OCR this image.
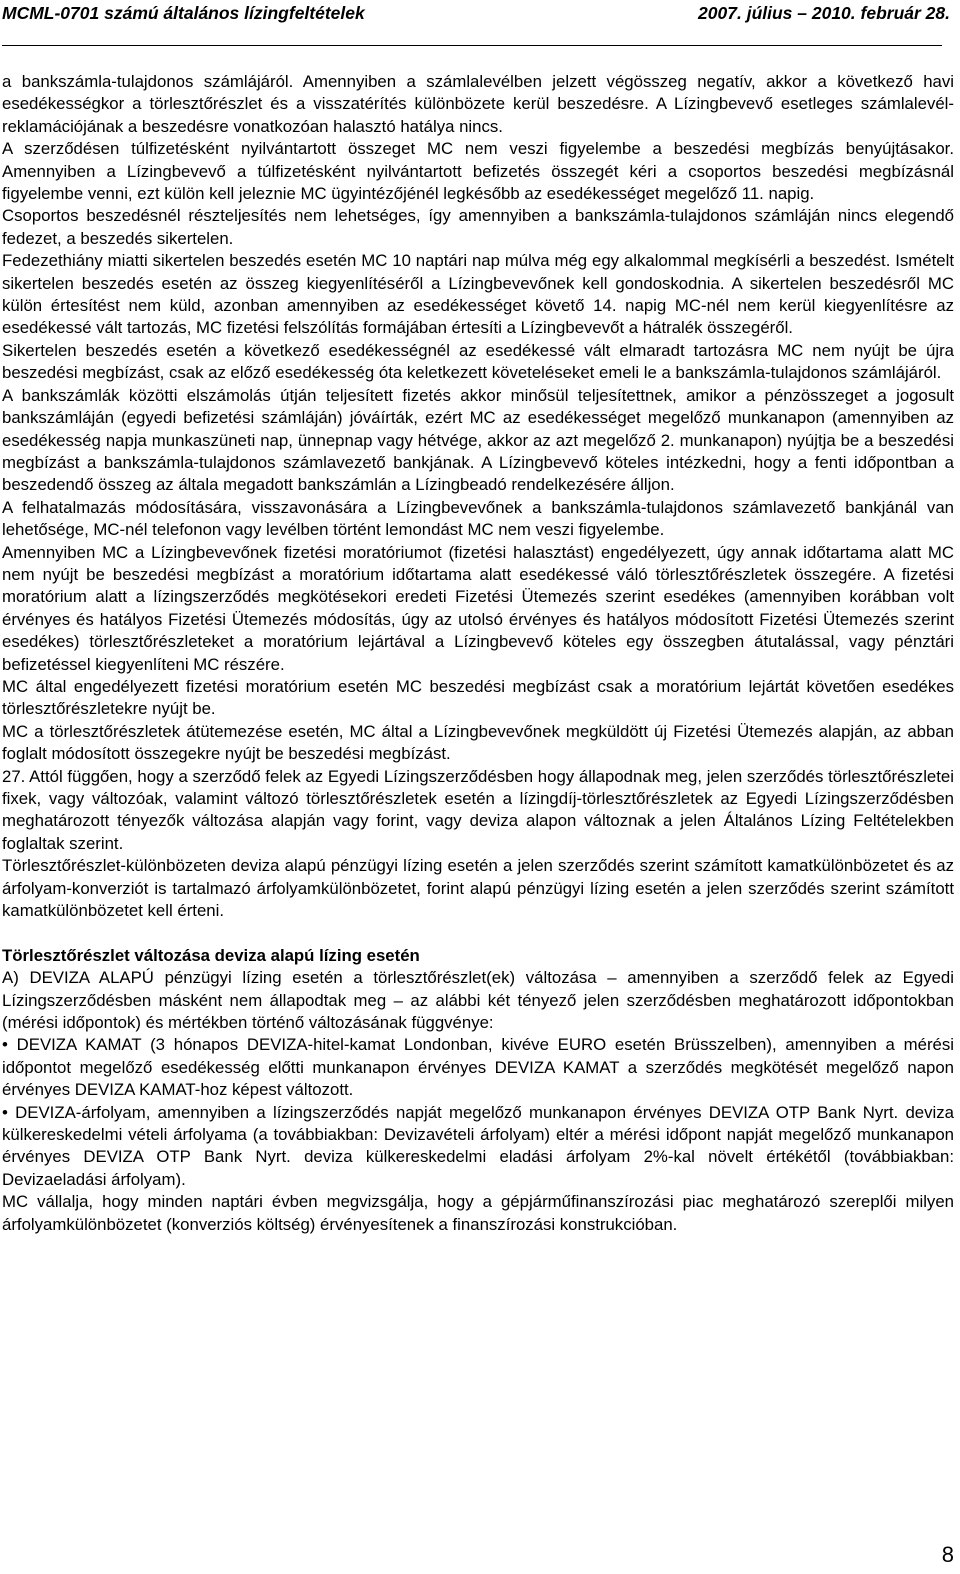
MCML-0701 számú általános lízingfeltételek	2007. július – 2010. február 28.

a bankszámla-tulajdonos számlájáról. Amennyiben a számlalevélben jelzett végösszeg negatív, akkor a következő havi esedékességkor a törlesztőrészlet és a visszatérítés különbözete kerül beszedésre. A Lízingbevevő esetleges számlalevél-reklamációjának a beszedésre vonatkozóan halasztó hatálya nincs.

A szerződésen túlfizetésként nyilvántartott összeget MC nem veszi figyelembe a beszedési megbízás benyújtásakor. Amennyiben a Lízingbevevő a túlfizetésként nyilvántartott befizetés összegét kéri a csoportos beszedési megbízásnál figyelembe venni, ezt külön kell jeleznie MC ügyintézőjénél legkésőbb az esedékességet megelőző 11. napig.

Csoportos beszedésnél részteljesítés nem lehetséges, így amennyiben a bankszámla-tulajdonos számláján nincs elegendő fedezet, a beszedés sikertelen.

Fedezethiány miatti sikertelen beszedés esetén MC 10 naptári nap múlva még egy alkalommal megkísérli a beszedést. Ismételt sikertelen beszedés esetén az összeg kiegyenlítéséről a Lízingbevevőnek kell gondoskodnia. A sikertelen beszedésről MC külön értesítést nem küld, azonban amennyiben az esedékességet követő 14. napig MC-nél nem kerül kiegyenlítésre az esedékessé vált tartozás, MC fizetési felszólítás formájában értesíti a Lízingbevevőt a hátralék összegéről.

Sikertelen beszedés esetén a következő esedékességnél az esedékessé vált elmaradt tartozásra MC nem nyújt be újra beszedési megbízást, csak az előző esedékesség óta keletkezett követeléseket emeli le a bankszámla-tulajdonos számlájáról.

A bankszámlák közötti elszámolás útján teljesített fizetés akkor minősül teljesítettnek, amikor a pénzösszeget a jogosult bankszámláján (egyedi befizetési számláján) jóváírták, ezért MC az esedékességet megelőző munkanapon (amennyiben az esedékesség napja munkaszüneti nap, ünnepnap vagy hétvége, akkor az azt megelőző 2. munkanapon) nyújtja be a beszedési megbízást a bankszámla-tulajdonos számlavezető bankjának. A Lízingbevevő köteles intézkedni, hogy a fenti időpontban a beszedendő összeg az általa megadott bankszámlán a Lízingbeadó rendelkezésére álljon.

A felhatalmazás módosítására, visszavonására a Lízingbevevőnek a bankszámla-tulajdonos számlavezető bankjánál van lehetősége, MC-nél telefonon vagy levélben történt lemondást MC nem veszi figyelembe.

Amennyiben MC a Lízingbevevőnek fizetési moratóriumot (fizetési halasztást) engedélyezett, úgy annak időtartama alatt MC nem nyújt be beszedési megbízást a moratórium időtartama alatt esedékessé váló törlesztőrészletek összegére. A fizetési moratórium alatt a lízingszerződés megkötésekori eredeti Fizetési Ütemezés szerint esedékes (amennyiben korábban volt érvényes és hatályos Fizetési Ütemezés módosítás, úgy az utolsó érvényes és hatályos módosított Fizetési Ütemezés szerint esedékes) törlesztőrészleteket a moratórium lejártával a Lízingbevevő köteles egy összegben átutalással, vagy pénztári befizetéssel kiegyenlíteni MC részére.

MC által engedélyezett fizetési moratórium esetén MC beszedési megbízást csak a moratórium lejártát követően esedékes törlesztőrészletekre nyújt be.

MC a törlesztőrészletek átütemezése esetén, MC által a Lízingbevevőnek megküldött új Fizetési Ütemezés alapján, az abban foglalt módosított összegekre nyújt be beszedési megbízást.

27. Attól függően, hogy a szerződő felek az Egyedi Lízingszerződésben hogy állapodnak meg, jelen szerződés törlesztőrészletei fixek, vagy változóak, valamint változó törlesztőrészletek esetén a lízingdíj-törlesztőrészletek az Egyedi Lízingszerződésben meghatározott tényezők változása alapján vagy forint, vagy deviza alapon változnak a jelen Általános Lízing Feltételekben foglaltak szerint.

Törlesztőrészlet-különbözeten deviza alapú pénzügyi lízing esetén a jelen szerződés szerint számított kamatkülönbözetet és az árfolyam-konverziót is tartalmazó árfolyamkülönbözetet, forint alapú pénzügyi lízing esetén a jelen szerződés szerint számított kamatkülönbözetet kell érteni.

Törlesztőrészlet változása deviza alapú lízing esetén

A) DEVIZA ALAPÚ pénzügyi lízing esetén a törlesztőrészlet(ek) változása – amennyiben a szerződő felek az Egyedi Lízingszerződésben másként nem állapodtak meg – az alábbi két tényező jelen szerződésben meghatározott időpontokban (mérési időpontok) és mértékben történő változásának függvénye:

• DEVIZA KAMAT (3 hónapos DEVIZA-hitel-kamat Londonban, kivéve EURO esetén Brüsszelben), amennyiben a mérési időpontot megelőző esedékesség előtti munkanapon érvényes DEVIZA KAMAT a szerződés megkötését megelőző napon érvényes DEVIZA KAMAT-hoz képest változott.

• DEVIZA-árfolyam, amennyiben a lízingszerződés napját megelőző munkanapon érvényes DEVIZA OTP Bank Nyrt. deviza külkereskedelmi vételi árfolyama (a továbbiakban: Devizavételi árfolyam) eltér a mérési időpont napját megelőző munkanapon érvényes DEVIZA OTP Bank Nyrt. deviza külkereskedelmi eladási árfolyam 2%-kal növelt értékétől (továbbiakban: Devizaeladási árfolyam).

MC vállalja, hogy minden naptári évben megvizsgálja, hogy a gépjárműfinanszírozási piac meghatározó szereplői milyen árfolyamkülönbözetet (konverziós költség) érvényesítenek a finanszírozási konstrukcióban.

8
